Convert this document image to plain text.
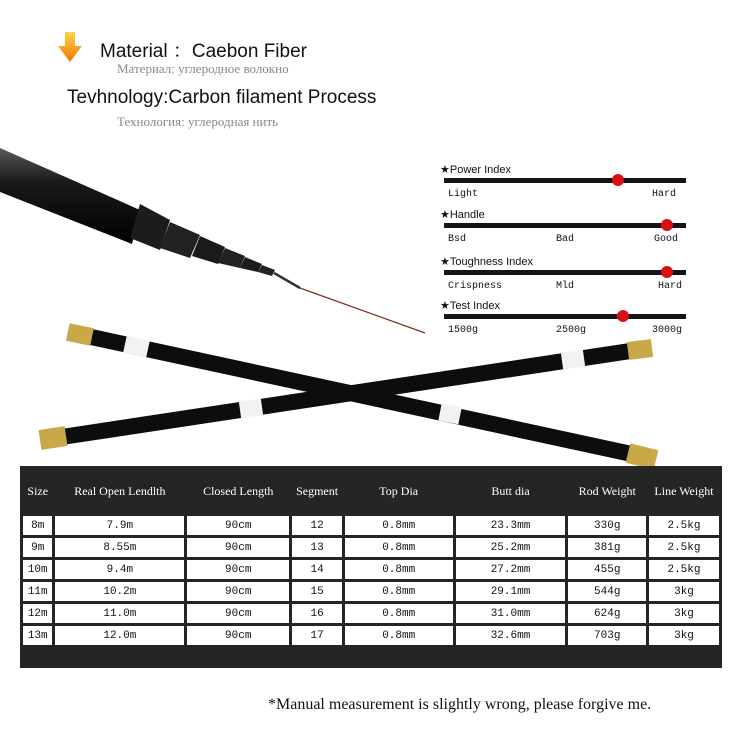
Material ：Caebon Fiber
Материал: углеродное волокно
Tevhnology:Carbon filament Process
Технология: углеродная нить
★Power Index
Light	Hard
★Handle
Bsd	Bad	Good
★Toughness Index
Crispness	Mld	Hard
★Test Index
1500g	2500g	3000g
Size	Real Open Lendlth	Closed Length	Segment	Top Dia	Butt dia	Rod Weight	Line Weight
8m	7.9m	90cm	12	0.8mm	23.3mm	330g	2.5kg
9m	8.55m	90cm	13	0.8mm	25.2mm	381g	2.5kg
10m	9.4m	90cm	14	0.8mm	27.2mm	455g	2.5kg
11m	10.2m	90cm	15	0.8mm	29.1mm	544g	3kg
12m	11.0m	90cm	16	0.8mm	31.0mm	624g	3kg
13m	12.0m	90cm	17	0.8mm	32.6mm	703g	3kg
*Manual measurement is slightly wrong, please forgive me.
